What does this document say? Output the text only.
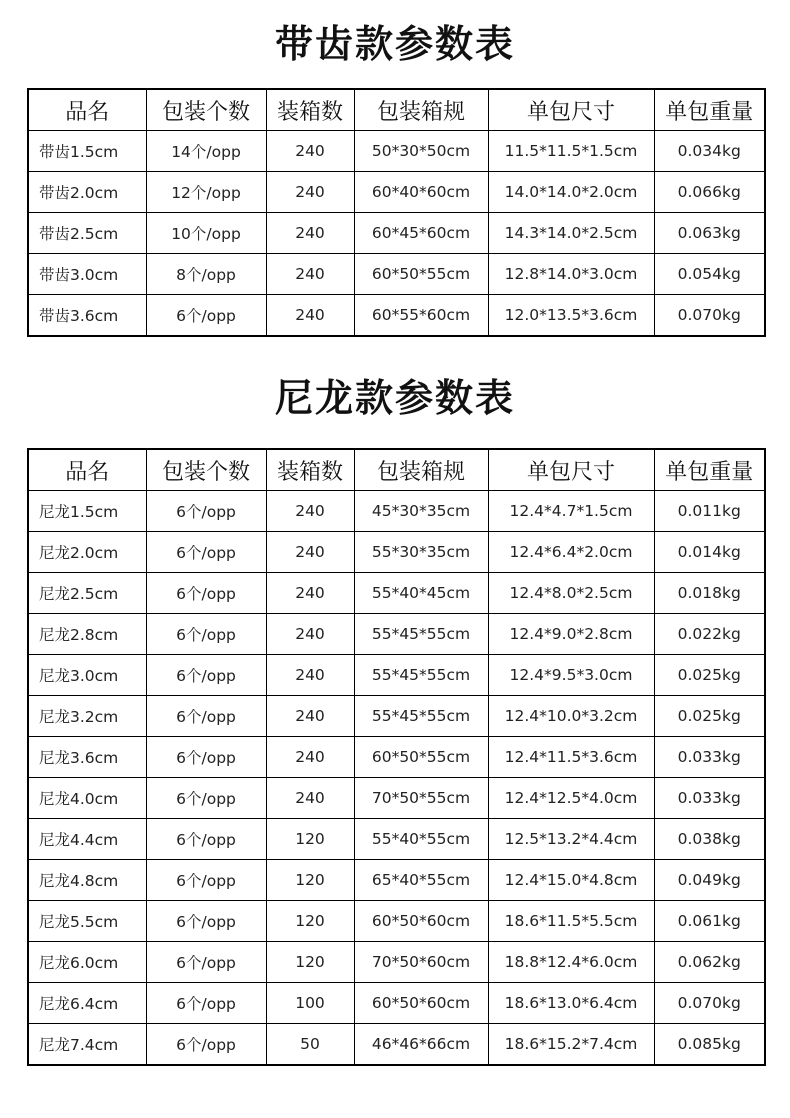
带齿款参数表
品名	包装个数	装箱数	包装箱规	单包尺寸	单包重量
带齿1.5cm	14个/opp	240	50*30*50cm	11.5*11.5*1.5cm	0.034kg
带齿2.0cm	12个/opp	240	60*40*60cm	14.0*14.0*2.0cm	0.066kg
带齿2.5cm	10个/opp	240	60*45*60cm	14.3*14.0*2.5cm	0.063kg
带齿3.0cm	8个/opp	240	60*50*55cm	12.8*14.0*3.0cm	0.054kg
带齿3.6cm	6个/opp	240	60*55*60cm	12.0*13.5*3.6cm	0.070kg
尼龙款参数表
品名	包装个数	装箱数	包装箱规	单包尺寸	单包重量
尼龙1.5cm	6个/opp	240	45*30*35cm	12.4*4.7*1.5cm	0.011kg
尼龙2.0cm	6个/opp	240	55*30*35cm	12.4*6.4*2.0cm	0.014kg
尼龙2.5cm	6个/opp	240	55*40*45cm	12.4*8.0*2.5cm	0.018kg
尼龙2.8cm	6个/opp	240	55*45*55cm	12.4*9.0*2.8cm	0.022kg
尼龙3.0cm	6个/opp	240	55*45*55cm	12.4*9.5*3.0cm	0.025kg
尼龙3.2cm	6个/opp	240	55*45*55cm	12.4*10.0*3.2cm	0.025kg
尼龙3.6cm	6个/opp	240	60*50*55cm	12.4*11.5*3.6cm	0.033kg
尼龙4.0cm	6个/opp	240	70*50*55cm	12.4*12.5*4.0cm	0.033kg
尼龙4.4cm	6个/opp	120	55*40*55cm	12.5*13.2*4.4cm	0.038kg
尼龙4.8cm	6个/opp	120	65*40*55cm	12.4*15.0*4.8cm	0.049kg
尼龙5.5cm	6个/opp	120	60*50*60cm	18.6*11.5*5.5cm	0.061kg
尼龙6.0cm	6个/opp	120	70*50*60cm	18.8*12.4*6.0cm	0.062kg
尼龙6.4cm	6个/opp	100	60*50*60cm	18.6*13.0*6.4cm	0.070kg
尼龙7.4cm	6个/opp	50	46*46*66cm	18.6*15.2*7.4cm	0.085kg
